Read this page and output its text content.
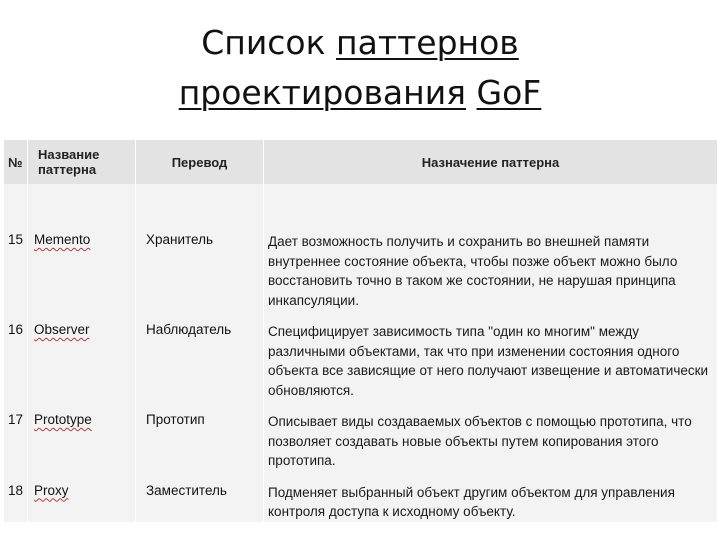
Список паттернов
проектирования GoF
№	Название паттерна	Перевод	Назначение паттерна
15	Memento	Хранитель	Дает возможность получить и сохранить во внешней памяти внутреннее состояние объекта, чтобы позже объект можно было восстановить точно в таком же состоянии, не нарушая принципа инкапсуляции.

16	Observer	Наблюдатель	Специфицирует зависимость типа "один ко многим" между различными объектами, так что при изменении состояния одного объекта все зависящие от него получают извещение и автоматически обновляются.

17	Prototype	Прототип	Описывает виды создаваемых объектов с помощью прототипа, что позволяет создавать новые объекты путем копирования этого прототипа.

18	Proxy	Заместитель	Подменяет выбранный объект другим объектом для управления контроля доступа к исходному объекту.
